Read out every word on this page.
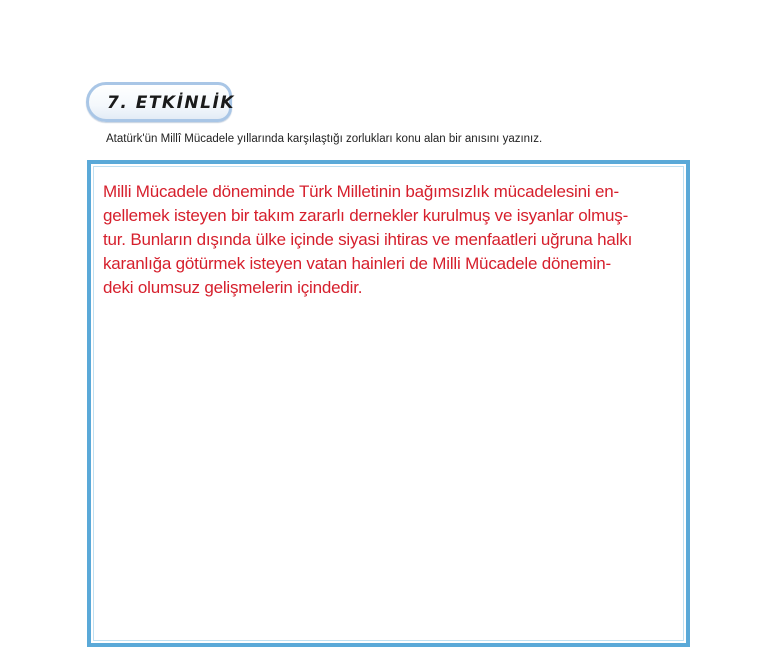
7. ETKİNLİK
Atatürk'ün Millî Mücadele yıllarında karşılaştığı zorlukları konu alan bir anısını yazınız.
Milli Mücadele döneminde Türk Milletinin bağımsızlık mücadelesini en-
gellemek isteyen bir takım zararlı dernekler kurulmuş ve isyanlar olmuş-
tur. Bunların dışında ülke içinde siyasi ihtiras ve menfaatleri uğruna halkı
karanlığa götürmek isteyen vatan hainleri de Milli Mücadele dönemin-
deki olumsuz gelişmelerin içindedir.
